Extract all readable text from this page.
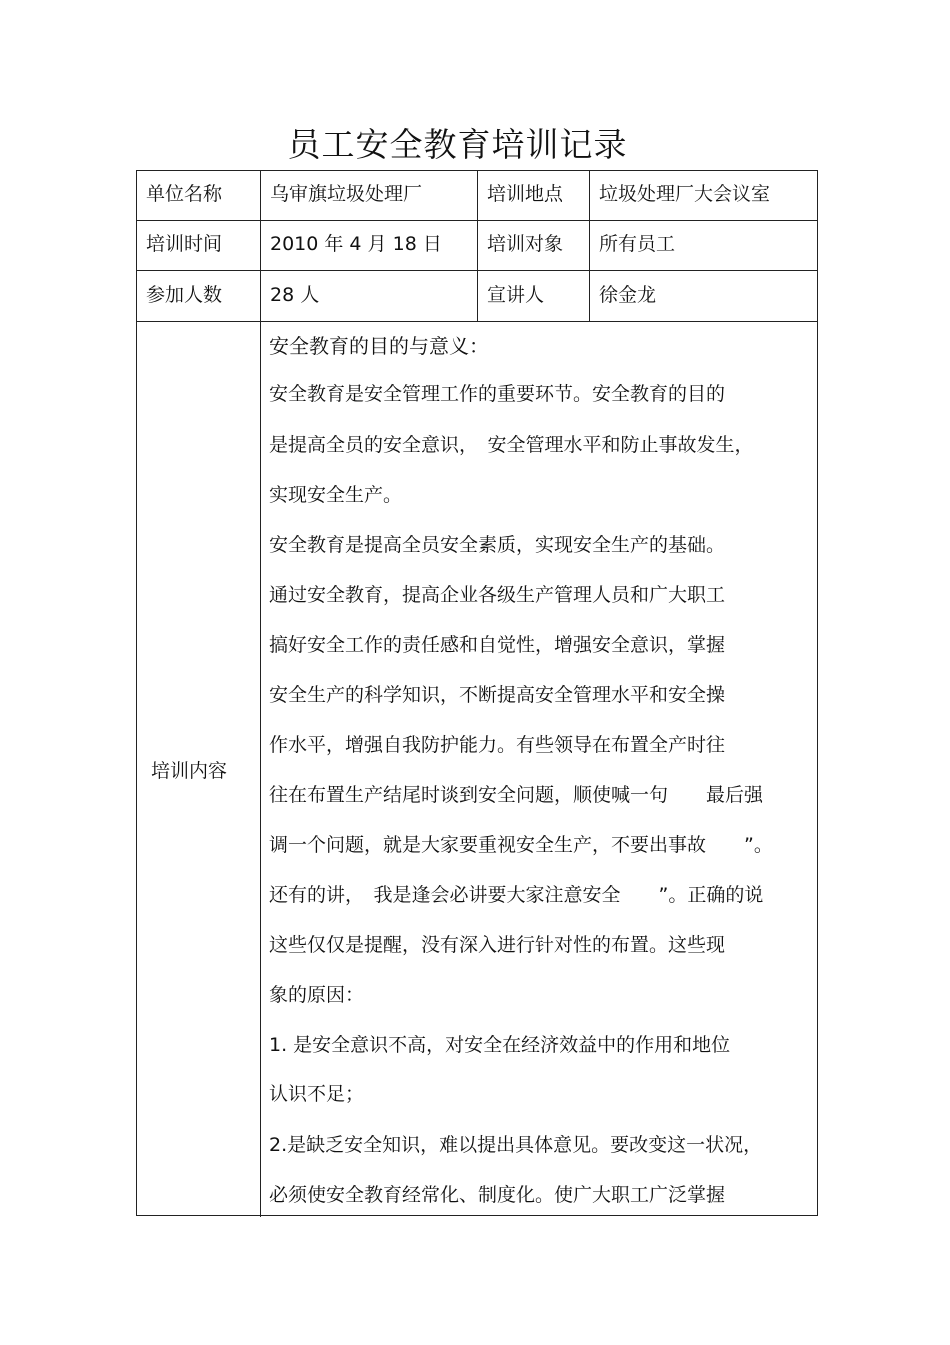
员工安全教育培训记录
单位名称	乌审旗垃圾处理厂	培训地点 垃圾处理厂大会议室
培训时间	2010 年 4 月 18 日 培训对象 所有员工
参加人数	28 人	宣讲人	徐金龙
培训内容
安全教育的目的与意义：
安全教育是安全管理工作的重要环节。安全教育的目的
是提高全员的安全意识，　安全管理水平和防止事故发生，
实现安全生产。
安全教育是提高全员安全素质，实现安全生产的基础。
通过安全教育，提高企业各级生产管理人员和广大职工
搞好安全工作的责任感和自觉性，增强安全意识，掌握
安全生产的科学知识，不断提高安全管理水平和安全操
作水平，增强自我防护能力。有些领导在布置全产时往
往在布置生产结尾时谈到安全问题，顺使喊一句　　最后强
调一个问题，就是大家要重视安全生产，不要出事故　　”。
还有的讲，　我是逢会必讲要大家注意安全　　”。正确的说
这些仅仅是提醒，没有深入进行针对性的布置。这些现
象的原因：
1. 是安全意识不高，对安全在经济效益中的作用和地位
认识不足；
2.是缺乏安全知识，难以提出具体意见。要改变这一状况，
必须使安全教育经常化、制度化。使广大职工广泛掌握
